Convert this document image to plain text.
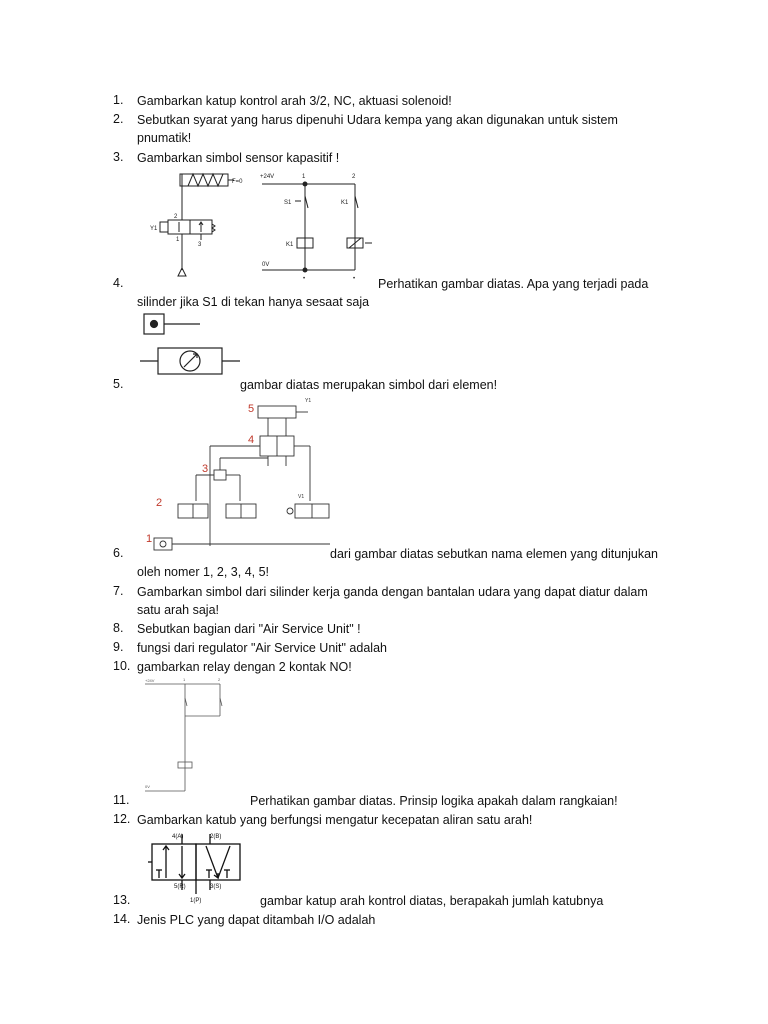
1. Gambarkan katup kontrol arah 3/2, NC, aktuasi solenoid!
2. Sebutkan syarat yang harus dipenuhi Udara kempa yang akan digunakan untuk sistem
pnumatik!
3. Gambarkan simbol sensor kapasitif !
F=0
2
1
3
Y1
+24V	1	2
S1	K1
K1
0V
•	•
4.	Perhatikan gambar diatas. Apa yang terjadi pada
silinder jika S1 di tekan hanya sesaat saja
5.	gambar diatas merupakan simbol dari elemen!
1
2
3
4
5
Y1
V1
6.	dari gambar diatas sebutkan nama elemen yang ditunjukan
oleh nomer 1, 2, 3, 4, 5!
7. Gambarkan simbol dari silinder kerja ganda dengan bantalan udara yang dapat diatur dalam
satu arah saja!
8. Sebutkan bagian dari "Air Service Unit" !
9. fungsi dari regulator "Air Service Unit" adalah
10. gambarkan relay dengan 2 kontak NO!
+24V	1	2
0V
11.	Perhatikan gambar diatas. Prinsip logika apakah dalam rangkaian!
12. Gambarkan katub yang berfungsi mengatur kecepatan aliran satu arah!
4(A)	2(B)
5(R)	3(S)
1(P)
13.	gambar katup arah kontrol diatas, berapakah jumlah katubnya
14. Jenis PLC yang dapat ditambah I/O adalah
